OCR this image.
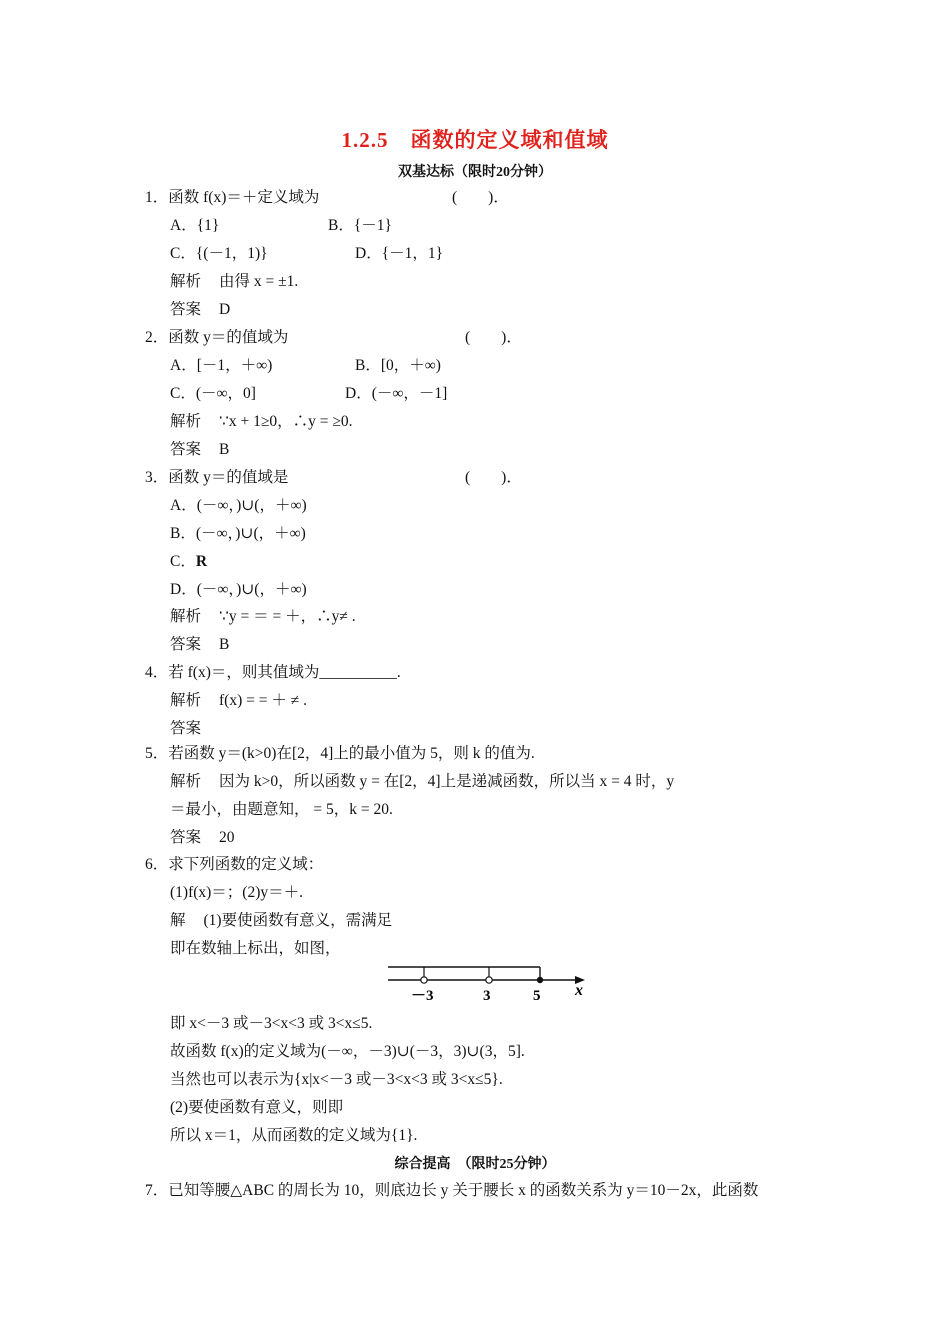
1.2.5　函数的定义域和值域
双基达标（限时20分钟）
1．函数 f(x)＝＋定义域为	(　　)．
A．{1}	B．{－1}
C．{(－1，1)}	D．{－1，1}
解析 由得 x = ±1.
答案 D
2．函数 y＝的值域为	(　　)．
A．[－1，＋∞)	B．[0，＋∞)
C．(－∞，0]	D．(－∞，－1]
解析 ∵x + 1≥0，∴y = ≥0.
答案 B
3．函数 y＝的值域是	(　　)．
A．(－∞，)∪(，＋∞)
B．(－∞，)∪(，＋∞)
C．R
D．(－∞，)∪(，＋∞)
解析 ∵y = ＝ = ＋，∴y≠ .
答案 B
4．若 f(x)＝，则其值域为__________.
解析 f(x) = = ＋ ≠ .
答案
5．若函数 y＝(k>0)在[2，4]上的最小值为 5，则 k 的值为.
解析 因为 k>0，所以函数 y = 在[2，4]上是递减函数，所以当 x = 4 时，y
＝最小，由题意知， = 5，k = 20.
答案 20
6．求下列函数的定义域：
(1)f(x)＝；(2)y＝＋.
解 (1)要使函数有意义，需满足
即在数轴上标出，如图，
－3	3	5 x
即 x<－3 或－3<x<3 或 3<x≤5.
故函数 f(x)的定义域为(－∞，－3)∪(－3，3)∪(3，5].
当然也可以表示为{x|x<－3 或－3<x<3 或 3<x≤5}.
(2)要使函数有意义，则即
所以 x＝1，从而函数的定义域为{1}.
综合提高　（限时25分钟）
7．已知等腰△ABC 的周长为 10，则底边长 y 关于腰长 x 的函数关系为 y＝10－2x，此函数
